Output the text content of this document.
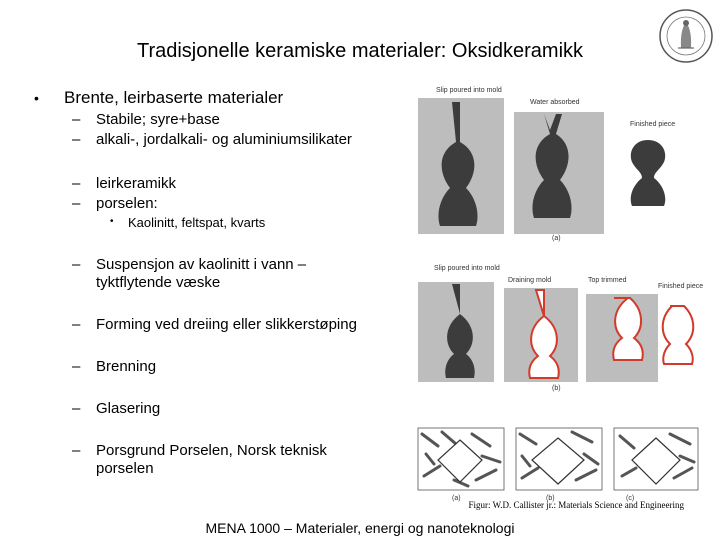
Tradisjonelle keramiske materialer: Oksidkeramikk
• Brente, leirbaserte materialer
– Stabile; syre+base
– alkali-, jordalkali- og aluminiumsilikater
– leirkeramikk
– porselen:
• Kaolinitt, feltspat, kvarts
– Suspensjon av kaolinitt i vann – tyktflytende væske
– Forming ved dreiing eller slikkerstøping
– Brenning
– Glasering
– Porsgrund Porselen, Norsk teknisk porselen
Slip poured into mold
Water absorbed
Finished piece
(a)
Slip poured into mold
Draining mold	Top trimmed
Finished piece
(b)
(a)	(b)	(c)
Figur: W.D. Callister jr.: Materials Science and Engineering
MENA 1000 – Materialer, energi og nanoteknologi
